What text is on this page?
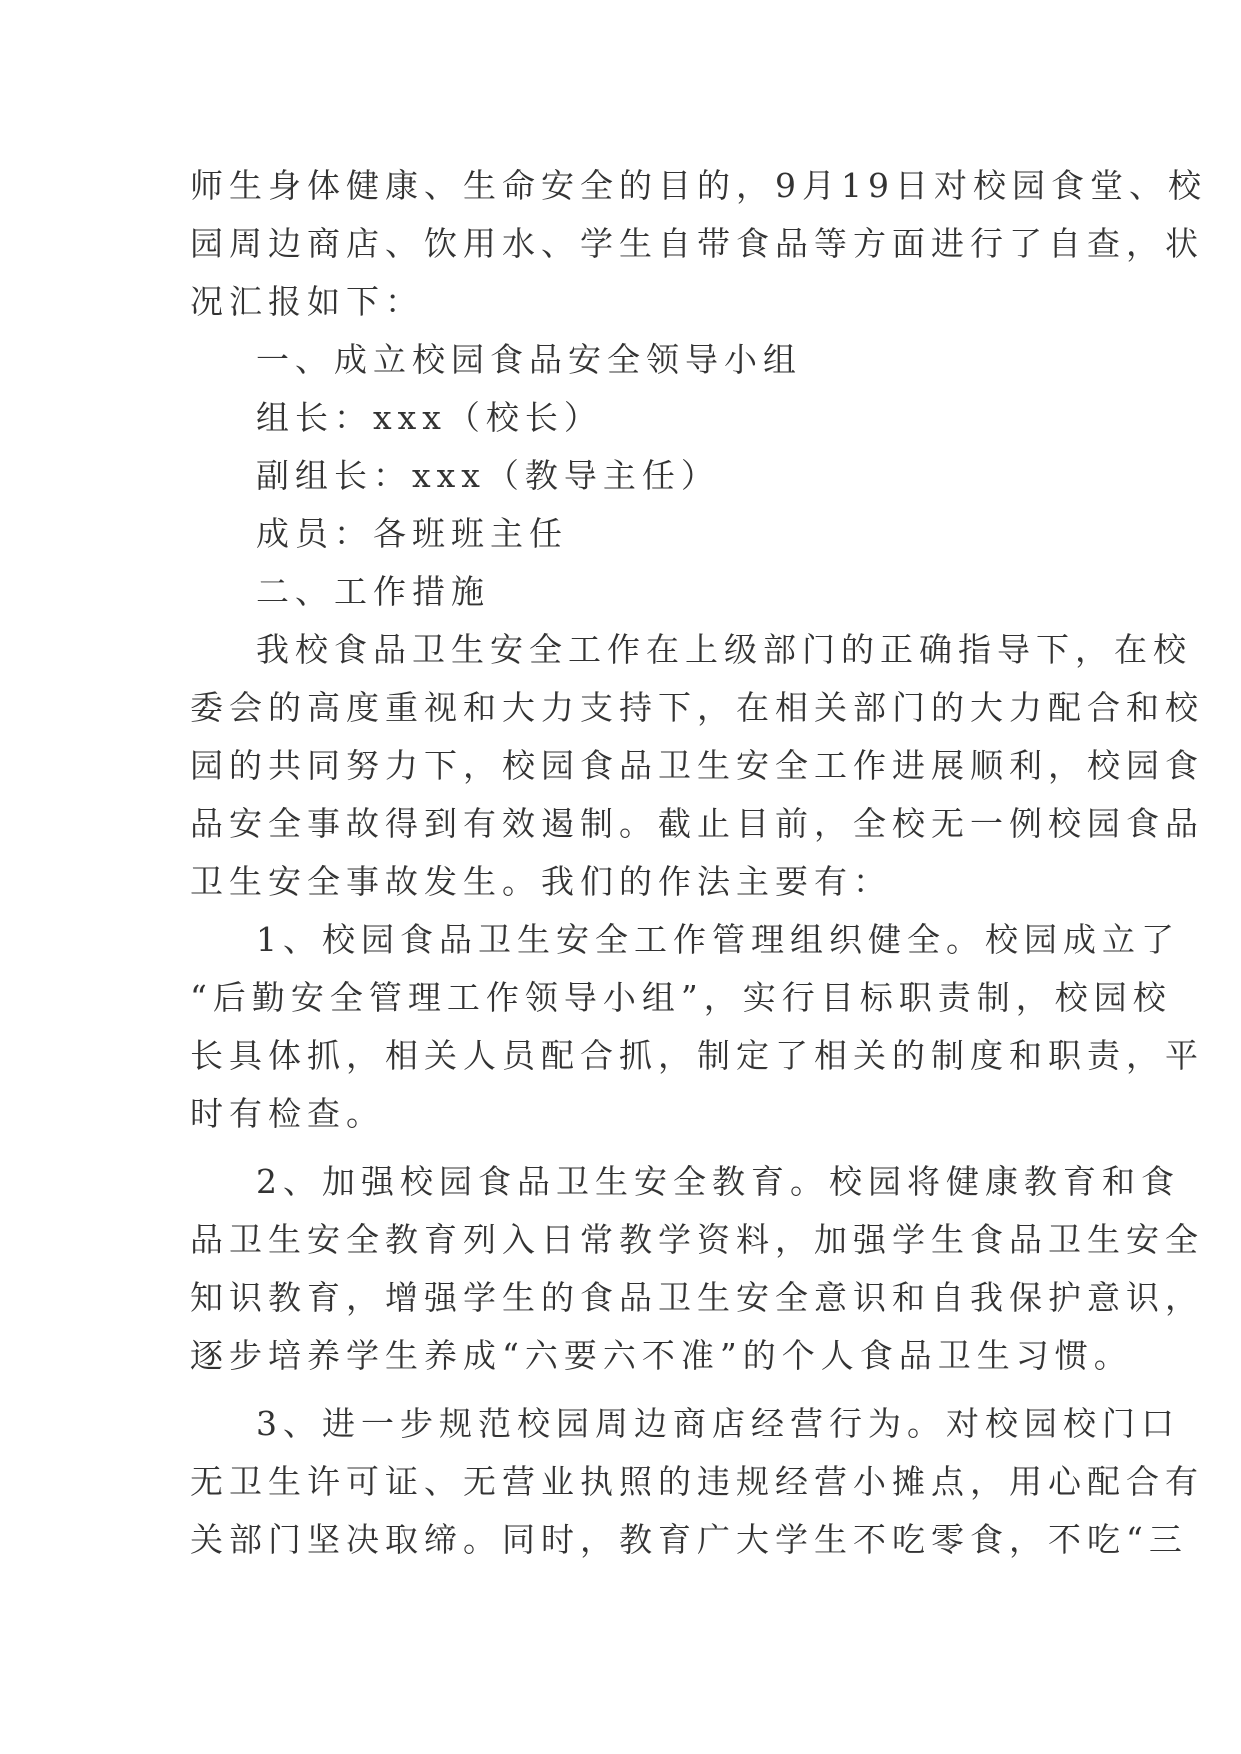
师生身体健康、生命安全的目的，9月19日对校园食堂、校
园周边商店、饮用水、学生自带食品等方面进行了自查，状
况汇报如下：
一、成立校园食品安全领导小组
组长：xxx（校长）
副组长：xxx（教导主任）
成员：各班班主任
二、工作措施
我校食品卫生安全工作在上级部门的正确指导下，在校
委会的高度重视和大力支持下，在相关部门的大力配合和校
园的共同努力下，校园食品卫生安全工作进展顺利，校园食
品安全事故得到有效遏制。截止目前，全校无一例校园食品
卫生安全事故发生。我们的作法主要有：
1、校园食品卫生安全工作管理组织健全。校园成立了
“后勤安全管理工作领导小组”，实行目标职责制，校园校
长具体抓，相关人员配合抓，制定了相关的制度和职责，平
时有检查。
2、加强校园食品卫生安全教育。校园将健康教育和食
品卫生安全教育列入日常教学资料，加强学生食品卫生安全
知识教育，增强学生的食品卫生安全意识和自我保护意识，
逐步培养学生养成“六要六不准”的个人食品卫生习惯。
3、进一步规范校园周边商店经营行为。对校园校门口
无卫生许可证、无营业执照的违规经营小摊点，用心配合有
关部门坚决取缔。同时，教育广大学生不吃零食，不吃“三
